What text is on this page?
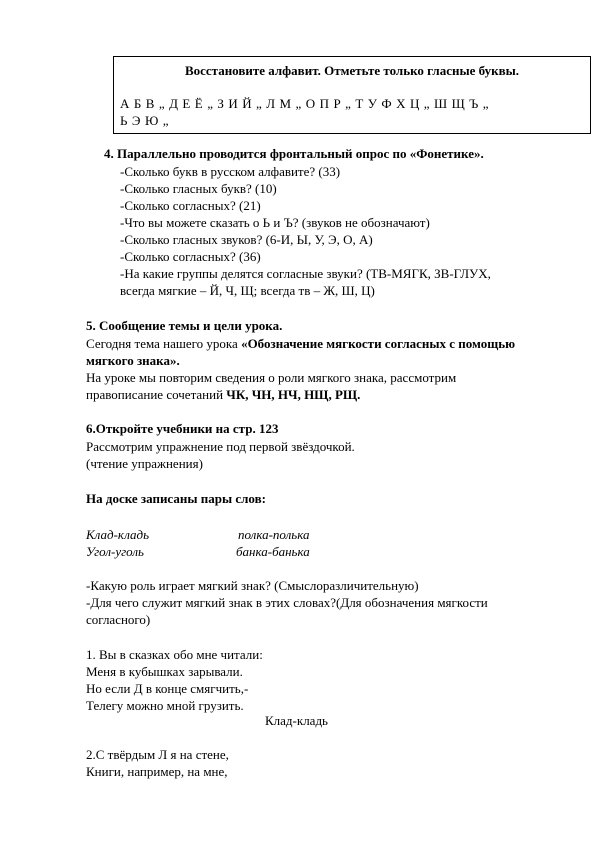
Восстановите алфавит. Отметьте только гласные буквы.
А Б В „ Д Е Ё „ З И Й „ Л М „ О П Р „ Т У Ф Х Ц „ Ш Щ Ъ „
Ь Э Ю „
4. Параллельно проводится фронтальный опрос по «Фонетике».
-Сколько букв в русском алфавите? (33)
-Сколько гласных букв? (10)
-Сколько согласных? (21)
-Что вы можете сказать о Ь и Ъ? (звуков не обозначают)
-Сколько гласных звуков? (6-И, Ы, У, Э, О, А)
-Сколько согласных? (36)
-На какие группы делятся согласные звуки? (ТВ-МЯГК, ЗВ-ГЛУХ,
всегда мягкие – Й, Ч, Щ; всегда тв – Ж, Ш, Ц)
5. Сообщение темы и цели урока.
Сегодня тема нашего урока «Обозначение мягкости согласных с помощью
мягкого знака».
На уроке мы повторим сведения о роли мягкого знака, рассмотрим
правописание сочетаний ЧК, ЧН, НЧ, НЩ, РЩ.
6.Откройте учебники на стр. 123
Рассмотрим упражнение под первой звёздочкой.
(чтение упражнения)
На доске записаны пары слов:
Клад-кладь	полка-полька
Угол-уголь	банка-банька
-Какую роль играет мягкий знак? (Смыслоразличительную)
-Для чего служит мягкий знак в этих словах?(Для обозначения мягкости
согласного)
1. Вы в сказках обо мне читали:
Меня в кубышках зарывали.
Но если Д в конце смягчить,-
Телегу можно мной грузить.
Клад-кладь
2.С твёрдым Л я на стене,
Книги, например, на мне,
